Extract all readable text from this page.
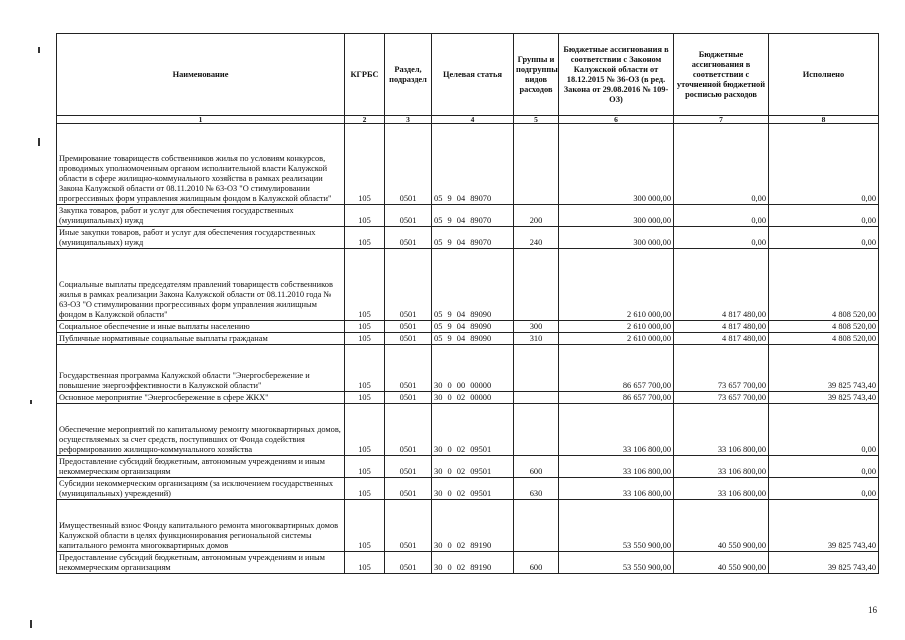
Наименование	КГРБС	Раздел, подраздел	Целевая статья	Группы и подгруппы видов расходов	Бюджетные ассигнования в соответствии с Законом Калужской области от 18.12.2015 № 36-ОЗ (в ред. Закона от 29.08.2016 № 109-ОЗ)	Бюджетные ассигнования в соответствии с уточненной бюджетной росписью расходов	Исполнено
1	2	3	4	5	6	7	8
Премирование товариществ собственников жилья по условиям конкурсов, проводимых уполномоченным органом исполнительной власти Калужской области в сфере жилищно-коммунального хозяйства в рамках реализации Закона Калужской области от 08.11.2010 № 63-ОЗ "О стимулировании прогрессивных форм управления жилищным фондом в Калужской области"	105	0501	05 9 04 89070		300 000,00	0,00	0,00
Закупка товаров, работ и услуг для обеспечения государственных (муниципальных) нужд	105	0501	05 9 04 89070	200	300 000,00	0,00	0,00
Иные закупки товаров, работ и услуг для обеспечения государственных (муниципальных) нужд	105	0501	05 9 04 89070	240	300 000,00	0,00	0,00
Социальные выплаты председателям правлений товариществ собственников жилья в рамках реализации Закона Калужской области от 08.11.2010 года № 63-ОЗ "О стимулировании прогрессивных форм управления жилищным фондом в Калужской области"	105	0501	05 9 04 89090		2 610 000,00	4 817 480,00	4 808 520,00
Социальное обеспечение и иные выплаты населению	105	0501	05 9 04 89090	300	2 610 000,00	4 817 480,00	4 808 520,00
Публичные нормативные социальные выплаты гражданам	105	0501	05 9 04 89090	310	2 610 000,00	4 817 480,00	4 808 520,00
Государственная программа Калужской области "Энергосбережение и повышение энергоэффективности в Калужской области"	105	0501	30 0 00 00000		86 657 700,00	73 657 700,00	39 825 743,40
Основное мероприятие "Энергосбережение в сфере ЖКХ"	105	0501	30 0 02 00000		86 657 700,00	73 657 700,00	39 825 743,40
Обеспечение мероприятий по капитальному ремонту многоквартирных домов, осуществляемых за счет средств, поступивших от Фонда содействия реформированию жилищно-коммунального хозяйства	105	0501	30 0 02 09501		33 106 800,00	33 106 800,00	0,00
Предоставление субсидий бюджетным, автономным учреждениям и иным некоммерческим организациям	105	0501	30 0 02 09501	600	33 106 800,00	33 106 800,00	0,00
Субсидии некоммерческим организациям (за исключением государственных (муниципальных) учреждений)	105	0501	30 0 02 09501	630	33 106 800,00	33 106 800,00	0,00
Имущественный взнос Фонду капитального ремонта многоквартирных домов Калужской области в целях функционирования региональной системы капитального ремонта многоквартирных домов	105	0501	30 0 02 89190		53 550 900,00	40 550 900,00	39 825 743,40
Предоставление субсидий бюджетным, автономным учреждениям и иным некоммерческим организациям	105	0501	30 0 02 89190	600	53 550 900,00	40 550 900,00	39 825 743,40
16
